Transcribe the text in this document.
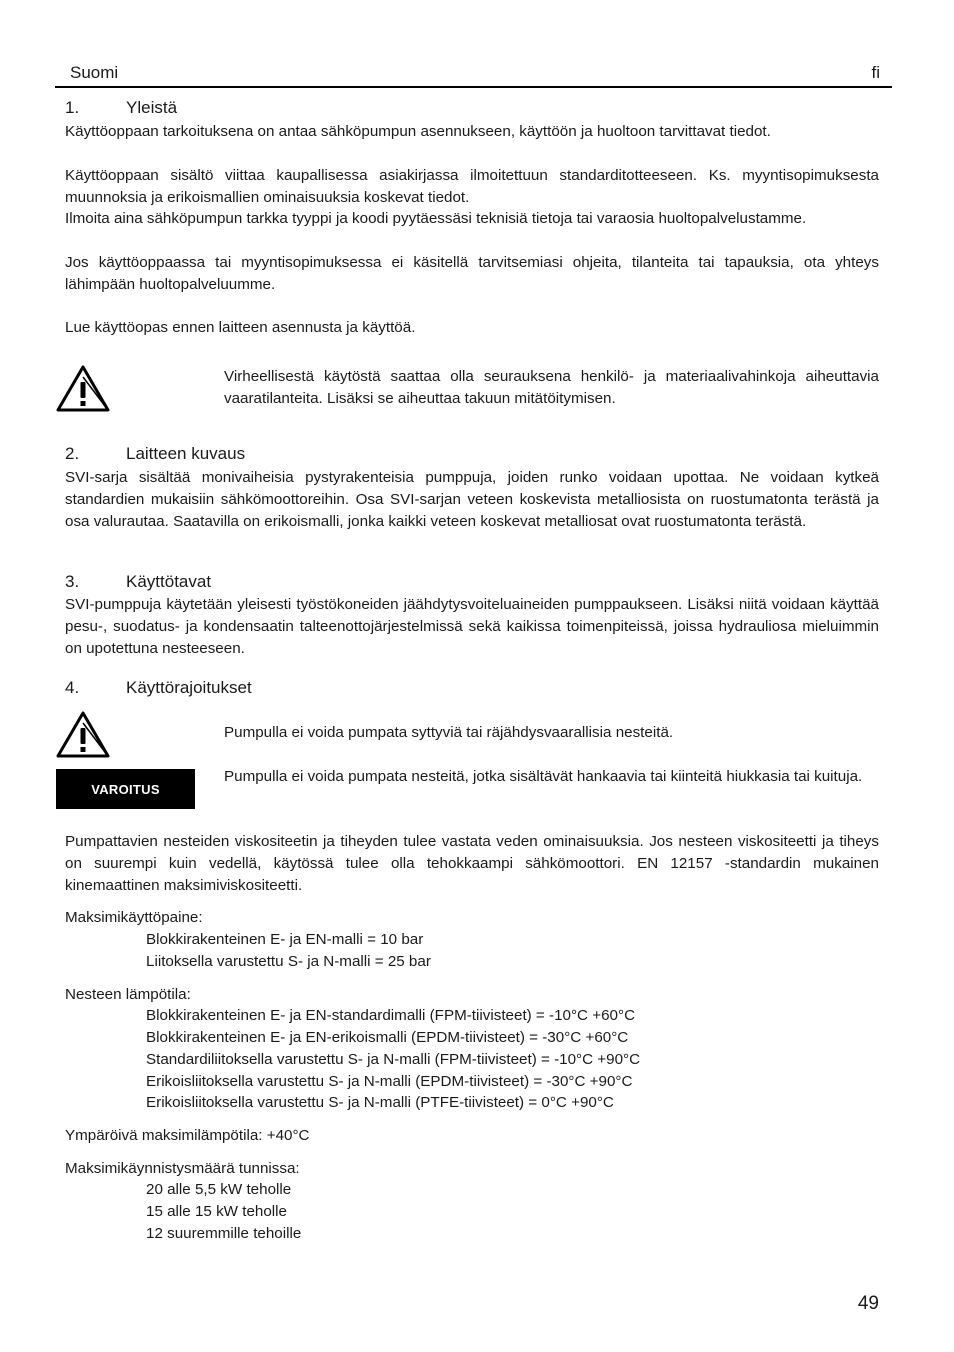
Suomi	fi
1.	Yleistä

Käyttöoppaan tarkoituksena on antaa sähköpumpun asennukseen, käyttöön ja huoltoon tarvittavat tiedot.

Käyttöoppaan sisältö viittaa kaupallisessa asiakirjassa ilmoitettuun standarditotteeseen. Ks. myyntisopimuksesta muunnoksia ja erikoismallien ominaisuuksia koskevat tiedot.

Ilmoita aina sähköpumpun tarkka tyyppi ja koodi pyytäessäsi teknisiä tietoja tai varaosia huoltopalvelustamme.

Jos käyttöoppaassa tai myyntisopimuksessa ei käsitellä tarvitsemiasi ohjeita, tilanteita tai tapauksia, ota yhteys lähimpään huoltopalveluumme.

Lue käyttöopas ennen laitteen asennusta ja käyttöä.

Virheellisestä käytöstä saattaa olla seurauksena henkilö- ja materiaalivahinkoja aiheuttavia vaaratilanteita. Lisäksi se aiheuttaa takuun mitätöitymisen.

2.	Laitteen kuvaus

SVI-sarja sisältää monivaiheisia pystyrakenteisia pumppuja, joiden runko voidaan upottaa. Ne voidaan kytkeä standardien mukaisiin sähkömoottoreihin. Osa SVI-sarjan veteen koskevista metalliosista on ruostumatonta terästä ja osa valurautaa. Saatavilla on erikoismalli, jonka kaikki veteen koskevat metalliosat ovat ruostumatonta terästä.

3.	Käyttötavat

SVI-pumppuja käytetään yleisesti työstökoneiden jäähdytysvoiteluaineiden pumppaukseen. Lisäksi niitä voidaan käyttää pesu-, suodatus- ja kondensaatin talteenottojärjestelmissä sekä kaikissa toimenpiteissä, joissa hydrauliosa mieluimmin on upotettuna nesteeseen.

4.	Käyttörajoitukset

Pumpulla ei voida pumpata syttyviä tai räjähdysvaarallisia nesteitä.

VAROITUS

Pumpulla ei voida pumpata nesteitä, jotka sisältävät hankaavia tai kiinteitä hiukkasia tai kuituja.

Pumpattavien nesteiden viskositeetin ja tiheyden tulee vastata veden ominaisuuksia. Jos nesteen viskositeetti ja tiheys on suurempi kuin vedellä, käytössä tulee olla tehokkaampi sähkömoottori. EN 12157 -standardin mukainen kinemaattinen maksimiviskositeetti.

Maksimikäyttöpaine:
Blokkirakenteinen E- ja EN-malli = 10 bar
Liitoksella varustettu S- ja N-malli = 25 bar
Nesteen lämpötila:
Blokkirakenteinen E- ja EN-standardimalli (FPM-tiivisteet) = -10°C +60°C
Blokkirakenteinen E- ja EN-erikoismalli (EPDM-tiivisteet) = -30°C +60°C
Standardiliitoksella varustettu S- ja N-malli (FPM-tiivisteet) = -10°C +90°C
Erikoisliitoksella varustettu S- ja N-malli (EPDM-tiivisteet) = -30°C +90°C
Erikoisliitoksella varustettu S- ja N-malli (PTFE-tiivisteet) = 0°C +90°C
Ympäröivä maksimilämpötila: +40°C
Maksimikäynnistysmäärä tunnissa:
20 alle 5,5 kW teholle
15 alle 15 kW teholle
12 suuremmille tehoille
49
